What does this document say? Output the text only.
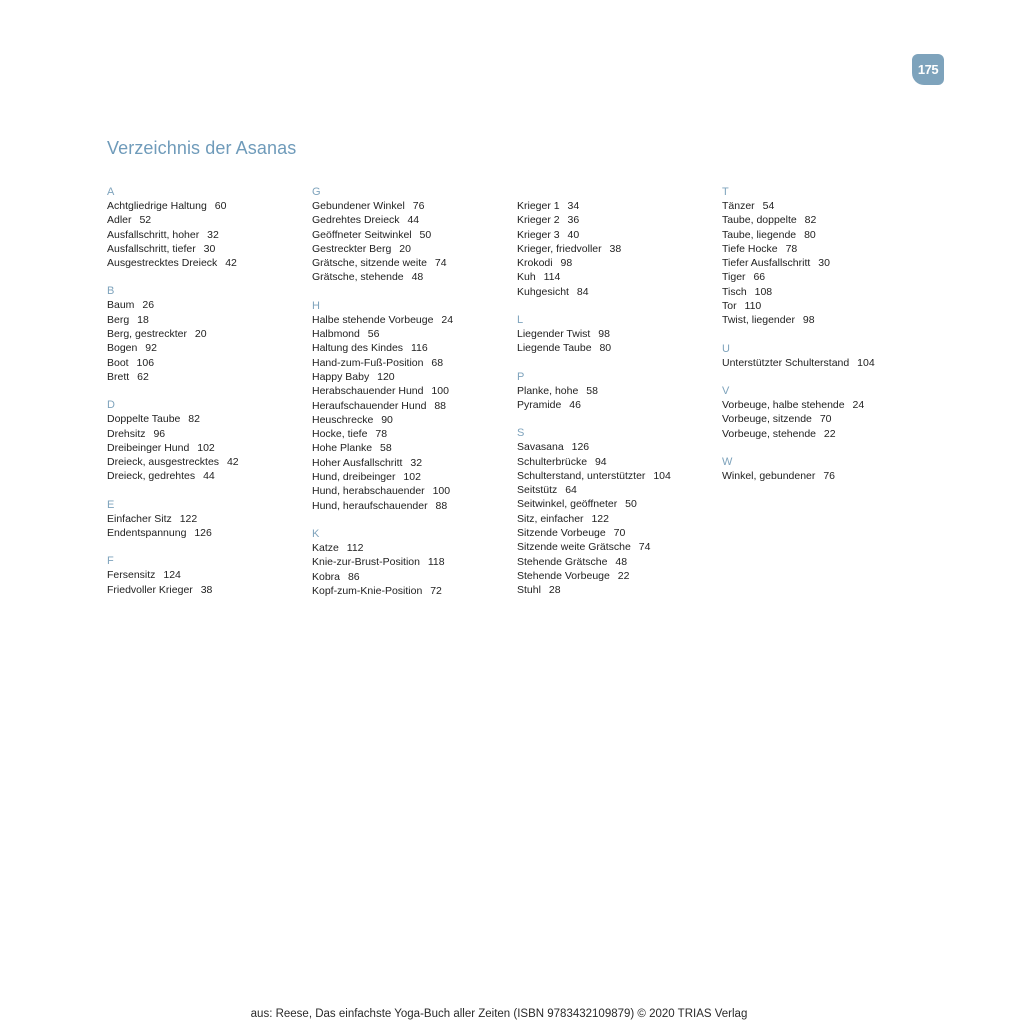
175
Verzeichnis der Asanas
A
Achtgliedrige Haltung 60
Adler 52
Ausfallschritt, hoher 32
Ausfallschritt, tiefer 30
Ausgestrecktes Dreieck 42
B
Baum 26
Berg 18
Berg, gestreckter 20
Bogen 92
Boot 106
Brett 62
D
Doppelte Taube 82
Drehsitz 96
Dreibeinger Hund 102
Dreieck, ausgestrecktes 42
Dreieck, gedrehtes 44
E
Einfacher Sitz 122
Endentspannung 126
F
Fersensitz 124
Friedvoller Krieger 38
G
Gebundener Winkel 76
Gedrehtes Dreieck 44
Geöffneter Seitwinkel 50
Gestreckter Berg 20
Grätsche, sitzende weite 74
Grätsche, stehende 48
H
Halbe stehende Vorbeuge 24
Halbmond 56
Haltung des Kindes 116
Hand-zum-Fuß-Position 68
Happy Baby 120
Herabschauender Hund 100
Heraufschauender Hund 88
Heuschrecke 90
Hocke, tiefe 78
Hohe Planke 58
Hoher Ausfallschritt 32
Hund, dreibeinger 102
Hund, herabschauender 100
Hund, heraufschauender 88
K
Katze 112
Knie-zur-Brust-Position 118
Kobra 86
Kopf-zum-Knie-Position 72
Krieger 1 34
Krieger 2 36
Krieger 3 40
Krieger, friedvoller 38
Krokodi 98
Kuh 114
Kuhgesicht 84
L
Liegender Twist 98
Liegende Taube 80
P
Planke, hohe 58
Pyramide 46
S
Savasana 126
Schulterbrücke 94
Schulterstand, unterstützter 104
Seitstütz 64
Seitwinkel, geöffneter 50
Sitz, einfacher 122
Sitzende Vorbeuge 70
Sitzende weite Grätsche 74
Stehende Grätsche 48
Stehende Vorbeuge 22
Stuhl 28
T
Tänzer 54
Taube, doppelte 82
Taube, liegende 80
Tiefe Hocke 78
Tiefer Ausfallschritt 30
Tiger 66
Tisch 108
Tor 110
Twist, liegender 98
U
Unterstützter Schulterstand 104
V
Vorbeuge, halbe stehende 24
Vorbeuge, sitzende 70
Vorbeuge, stehende 22
W
Winkel, gebundener 76
aus: Reese, Das einfachste Yoga-Buch aller Zeiten (ISBN 9783432109879) © 2020 TRIAS Verlag
